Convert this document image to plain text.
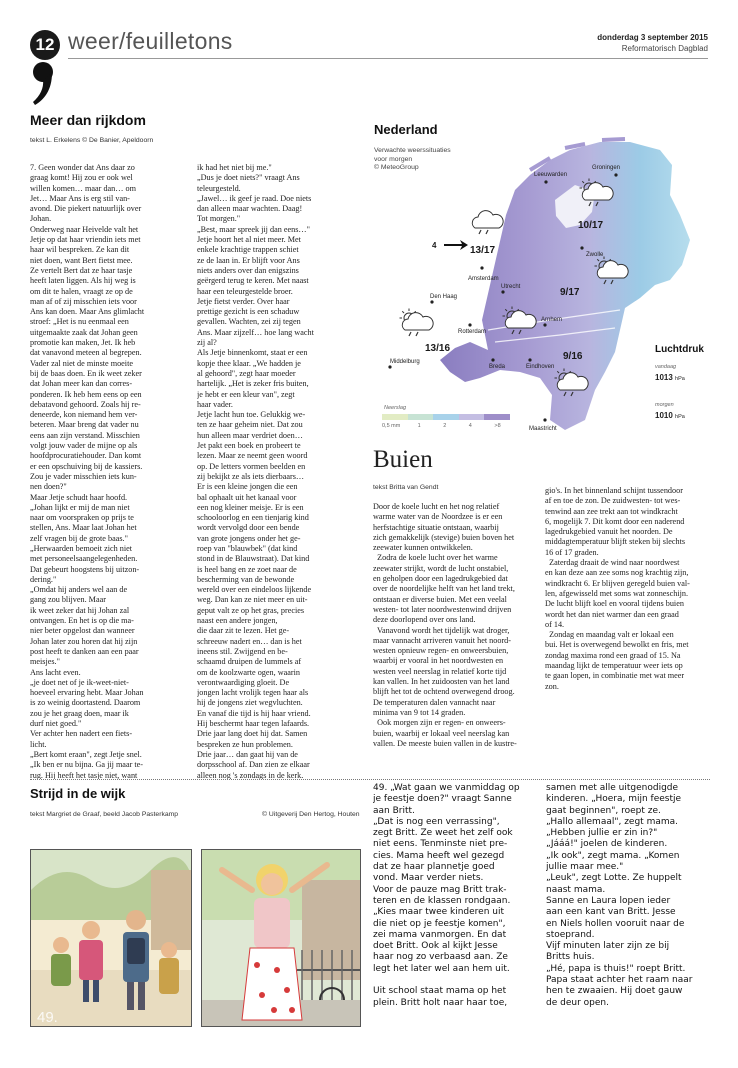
12 weer/feuilletons	donderdag 3 september 2015
Reformatorisch Dagblad
Meer dan rijkdom
tekst L. Erkelens © De Banier, Apeldoorn
7. Geen wonder dat Ans daar zo
graag komt! Hij zou er ook wel
willen komen… maar dan… om
Jet… Maar Ans is erg stil van-
avond. Die piekert natuurlijk over
Johan.
Onderweg naar Heivelde valt het
Jetje op dat haar vriendin iets met
haar wil bespreken. Ze kan dit
niet doen, want Bert fietst mee.
Ze vertelt Bert dat ze haar tasje
heeft laten liggen. Als hij weg is
om dit te halen, vraagt ze op de
man af of zij misschien iets voor
Ans kan doen. Maar Ans glimlacht
stroef: „Het is nu eenmaal een
uitgemaakte zaak dat Johan geen
promotie kan maken, Jet. Ik heb
dat vanavond meteen al begrepen.
Vader zal niet de minste moeite
bij de baas doen. En ik weet zeker
dat Johan meer kan dan corres-
ponderen. Ik heb hem eens op een
debatavond gehoord. Zoals hij re-
deneerde, kon niemand hem ver-
beteren. Maar breng dat vader nu
eens aan zijn verstand. Misschien
volgt jouw vader de mijne op als
hoofdprocuratiehouder. Dan komt
er een opschuiving bij de kassiers.
Zou je vader misschien iets kun-
nen doen?"
Maar Jetje schudt haar hoofd.
„Johan lijkt er mij de man niet
naar om voorspraken op prijs te
stellen, Ans. Maar laat Johan het
zelf vragen bij de grote baas."
„Herwaarden bemoeit zich niet
met personeelsaangelegenheden.
Dat gebeurt hoogstens bij uitzon-
dering."
„Omdat hij anders wel aan de
gang zou blijven. Maar
ik weet zeker dat hij Johan zal
ontvangen. En het is op die ma-
nier beter opgelost dan wanneer
Johan later zou horen dat hij zijn
post heeft te danken aan een paar
meisjes."
Ans lacht even.
„je doet net of je ik-weet-niet-
hoeveel ervaring hebt. Maar Johan
is zo weinig doortastend. Daarom
zou je het graag doen, maar ik
durf niet goed."
Ver achter hen nadert een fiets-
licht.
„Bert komt eraan", zegt Jetje snel.
„Ik ben er nu bijna. Ga jij maar te-
rug. Hij heeft het tasje niet, want
ik had het niet bij me."
„Dus je doet niets?" vraagt Ans
teleurgesteld.
„Jawel… ik geef je raad. Doe niets
dan alleen maar wachten. Daag!
Tot morgen."
„Best, maar spreek jij dan eens…"
Jetje hoort het al niet meer. Met
enkele krachtige trappen schiet
ze de laan in. Er blijft voor Ans
niets anders over dan enigszins
geërgerd terug te keren. Met naast
haar een teleurgestelde broer.
Jetje fietst verder. Over haar
prettige gezicht is een schaduw
gevallen. Wachten, zei zij tegen
Ans. Maar zijzelf… hoe lang wacht
zij al?
Als Jetje binnenkomt, staat er een
kopje thee klaar. „We hadden je
al gehoord", zegt haar moeder
hartelijk. „Het is zeker fris buiten,
je hebt er een kleur van", zegt
haar vader.
Jetje lacht hun toe. Gelukkig we-
ten ze haar geheim niet. Dat zou
hun alleen maar verdriet doen…
Jet pakt een boek en probeert te
lezen. Maar ze neemt geen woord
op. De letters vormen beelden en
zij bekijkt ze als iets dierbaars…
Er is een kleine jongen die een
bal ophaalt uit het kanaal voor
een nog kleiner meisje. Er is een
schooloorlog en een tienjarig kind
wordt vervolgd door een bende
van grote jongens onder het ge-
roep van "blauwbek" (dat kind
stond in de Blauwstraat). Dat kind
is heel bang en ze zoet naar de
bescherming van de bewonde
wereld over een eindeloos lijkende
weg. Dan kan ze niet meer en uit-
geput valt ze op het gras, precies
naast een andere jongen,
die daar zit te lezen. Het ge-
schreeuw nadert en… dan is het
ineens stil. Zwijgend en be-
schaamd druipen de lummels af
om de koolzwarte ogen, waarin
verontwaardiging gloeit. De
jongen lacht vrolijk tegen haar als
hij de jongens ziet wegvluchten.
En vanaf die tijd is hij haar vriend.
Hij beschermt haar tegen lafaards.
Drie jaar lang doet hij dat. Samen
bespreken ze hun problemen.
Drie jaar… dan gaat hij van de
dorpsschool af. Dan zien ze elkaar
alleen nog 's zondags in de kerk.
Nederland
Verwachte weerssituaties
voor morgen
© MeteoGroup
Leeuwarden
Groningen
Zwolle
Amsterdam
Den Haag
Utrecht
Rotterdam
Arnhem
Breda	Eindhoven
Middelburg
Maastricht
13/17
10/17
9/17
13/16
9/16
4
Luchtdruk
vandaag
1013 hPa
morgen
1010 hPa
Neerslag
0,5 mm	1	2	4	>8
Buien
tekst Britta van Gendt
Door de koele lucht en het nog relatief
warme water van de Noordzee is er een
herfstachtige situatie ontstaan, waarbij
zich gemakkelijk (stevige) buien boven het
zeewater kunnen ontwikkelen.
Zodra de koele lucht over het warme
zeewater strijkt, wordt de lucht onstabiel,
en geholpen door een lagedrukgebied dat
over de noordelijke helft van het land trekt,
ontstaan er diverse buien. Met een veelal
westen- tot later noordwestenwind drijven
deze doorlopend over ons land.
Vanavond wordt het tijdelijk wat droger,
maar vannacht arriveren vanuit het noord-
westen opnieuw regen- en onweersbuien,
waarbij er vooral in het noordwesten en
westen veel neerslag in relatief korte tijd
kan vallen. In het zuidoosten van het land
blijft het tot de ochtend overwegend droog.
De temperaturen dalen vannacht naar
minima van 9 tot 14 graden.
Ook morgen zijn er regen- en onweers-
buien, waarbij er lokaal veel neerslag kan
vallen. De meeste buien vallen in de kustre-
gio's. In het binnenland schijnt tussendoor
af en toe de zon. De zuidwesten- tot wes-
tenwind aan zee trekt aan tot windkracht
6, mogelijk 7. Dit komt door een naderend
lagedrukgebied vanuit het noorden. De
middagtemperatuur blijft steken bij slechts
16 of 17 graden.
Zaterdag draait de wind naar noordwest
en kan deze aan zee soms nog krachtig zijn,
windkracht 6. Er blijven geregeld buien val-
len, afgewisseld met soms wat zonneschijn.
De lucht blijft koel en vooral tijdens buien
wordt het dan niet warmer dan een graad
of 14.
Zondag en maandag valt er lokaal een
bui. Het is overwegend bewolkt en fris, met
zondag maxima rond een graad of 15. Na
maandag lijkt de temperatuur weer iets op
te gaan lopen, in combinatie met wat meer
zon.
Strijd in de wijk
tekst Margriet de Graaf, beeld Jacob Pasterkamp	© Uitgeverij Den Hertog, Houten
49.
49. „Wat gaan we vanmiddag op
je feestje doen?" vraagt Sanne
aan Britt.
„Dat is nog een verrassing",
zegt Britt. Ze weet het zelf ook
niet eens. Tenminste niet pre-
cies. Mama heeft wel gezegd
dat ze haar plannetje goed
vond. Maar verder niets.
Voor de pauze mag Britt trak-
teren en de klassen rondgaan.
„Kies maar twee kinderen uit
die niet op je feestje komen",
zei mama vanmorgen. En dat
doet Britt. Ook al kijkt Jesse
haar nog zo verbaasd aan. Ze
legt het later wel aan hem uit.

Uit school staat mama op het
plein. Britt holt naar haar toe,
samen met alle uitgenodigde
kinderen. „Hoera, mijn feestje
gaat beginnen", roept ze.
„Hallo allemaal", zegt mama.
„Hebben jullie er zin in?"
„Jááá!" joelen de kinderen.
„Ik ook", zegt mama. „Komen
jullie maar mee."
„Leuk", zegt Lotte. Ze huppelt
naast mama.
Sanne en Laura lopen ieder
aan een kant van Britt. Jesse
en Niels hollen vooruit naar de
stoeprand.
Vijf minuten later zijn ze bij
Britts huis.
„Hé, papa is thuis!" roept Britt.
Papa staat achter het raam naar
hen te zwaaien. Hij doet gauw
de deur open.
